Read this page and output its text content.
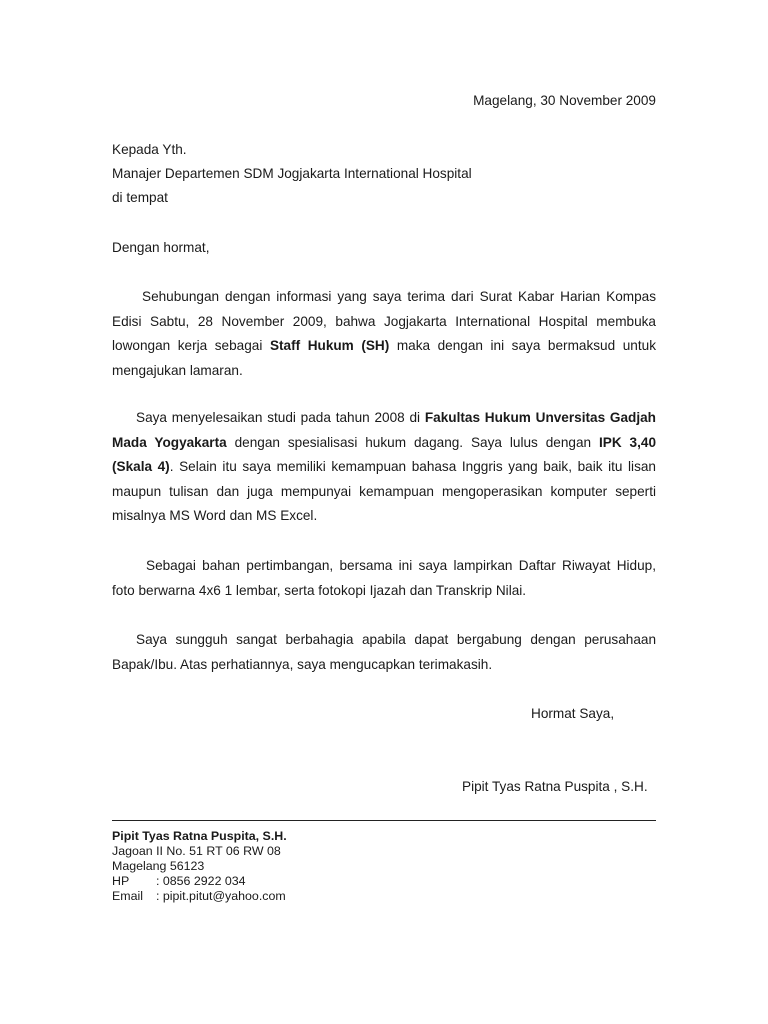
Magelang, 30 November 2009
Kepada Yth.
Manajer Departemen SDM Jogjakarta International Hospital
di tempat
Dengan hormat,
Sehubungan dengan informasi yang saya terima dari Surat Kabar Harian Kompas Edisi Sabtu, 28 November 2009, bahwa Jogjakarta International Hospital membuka lowongan kerja sebagai Staff Hukum (SH) maka dengan ini saya bermaksud untuk mengajukan lamaran.
Saya menyelesaikan studi pada tahun 2008 di Fakultas Hukum Unversitas Gadjah Mada Yogyakarta dengan spesialisasi hukum dagang. Saya lulus dengan IPK 3,40 (Skala 4). Selain itu saya memiliki kemampuan bahasa Inggris yang baik, baik itu lisan maupun tulisan dan juga mempunyai kemampuan mengoperasikan komputer seperti misalnya MS Word dan MS Excel.
Sebagai bahan pertimbangan, bersama ini saya lampirkan Daftar Riwayat Hidup, foto berwarna 4x6 1 lembar, serta fotokopi Ijazah dan Transkrip Nilai.
Saya sungguh sangat berbahagia apabila dapat bergabung dengan perusahaan Bapak/Ibu. Atas perhatiannya, saya mengucapkan terimakasih.
Hormat Saya,
Pipit Tyas Ratna Puspita , S.H.
Pipit Tyas Ratna Puspita, S.H.
Jagoan II No. 51 RT 06 RW 08
Magelang 56123
HP : 0856 2922 034
Email : pipit.pitut@yahoo.com
